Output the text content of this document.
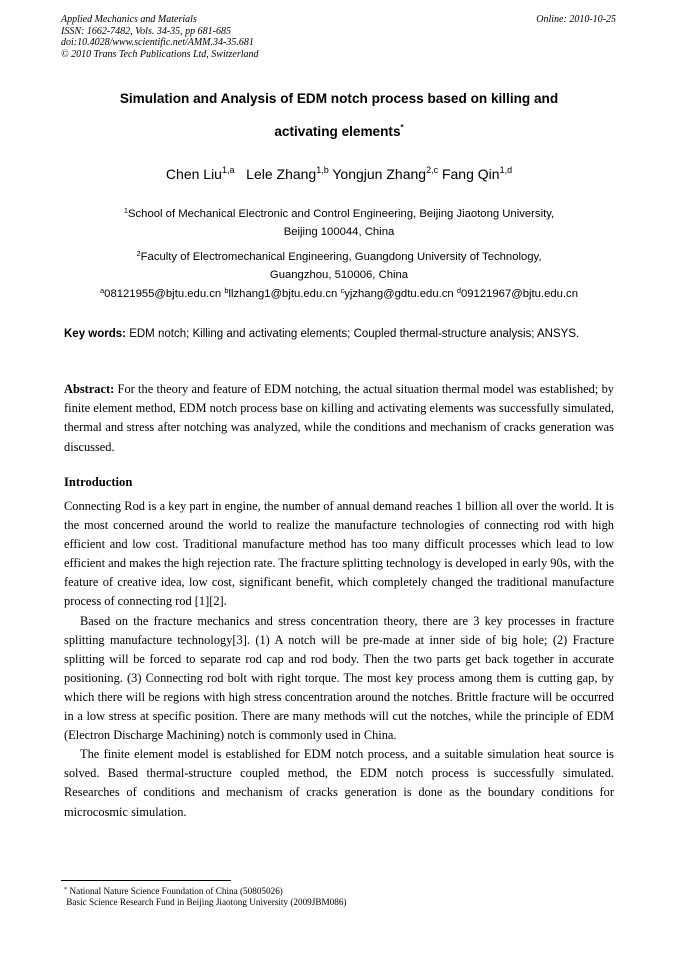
Applied Mechanics and Materials
ISSN: 1662-7482, Vols. 34-35, pp 681-685
doi:10.4028/www.scientific.net/AMM.34-35.681
© 2010 Trans Tech Publications Ltd, Switzerland
Online: 2010-10-25
Simulation and Analysis of EDM notch process based on killing and
activating elements*
Chen Liu$^{1,a}$ Lele Zhang$^{1,b}$ Yongjun Zhang$^{2,c}$ Fang Qin$^{1,d}$
$^1$School of Mechanical Electronic and Control Engineering, Beijing Jiaotong University,
Beijing 100044, China
$^2$Faculty of Electromechanical Engineering, Guangdong University of Technology,
Guangzhou, 510006, China
$^a$08121955@bjtu.edu.cn $^b$llzhang1@bjtu.edu.cn $^c$yjzhang@gdtu.edu.cn $^d$09121967@bjtu.edu.cn
Key words: EDM notch; Killing and activating elements; Coupled thermal-structure analysis; ANSYS.
Abstract: For the theory and feature of EDM notching, the actual situation thermal model was established; by finite element method, EDM notch process base on killing and activating elements was successfully simulated, thermal and stress after notching was analyzed, while the conditions and mechanism of cracks generation was discussed.
Introduction

Connecting Rod is a key part in engine, the number of annual demand reaches 1 billion all over the world. It is the most concerned around the world to realize the manufacture technologies of connecting rod with high efficient and low cost. Traditional manufacture method has too many difficult processes which lead to low efficient and makes the high rejection rate. The fracture splitting technology is developed in early 90s, with the feature of creative idea, low cost, significant benefit, which completely changed the traditional manufacture process of connecting rod [1][2].

Based on the fracture mechanics and stress concentration theory, there are 3 key processes in fracture splitting manufacture technology[3]. (1) A notch will be pre-made at inner side of big hole; (2) Fracture splitting will be forced to separate rod cap and rod body. Then the two parts get back together in accurate positioning. (3) Connecting rod bolt with right torque. The most key process among them is cutting gap, by which there will be regions with high stress concentration around the notches. Brittle fracture will be occurred in a low stress at specific position. There are many methods will cut the notches, while the principle of EDM (Electron Discharge Machining) notch is commonly used in China.

The finite element model is established for EDM notch process, and a suitable simulation heat source is solved. Based thermal-structure coupled method, the EDM notch process is successfully simulated. Researches of conditions and mechanism of cracks generation is done as the boundary conditions for microcosmic simulation.

* National Nature Science Foundation of China (50805026)
Basic Science Research Fund in Beijing Jiaotong University (2009JBM086)
